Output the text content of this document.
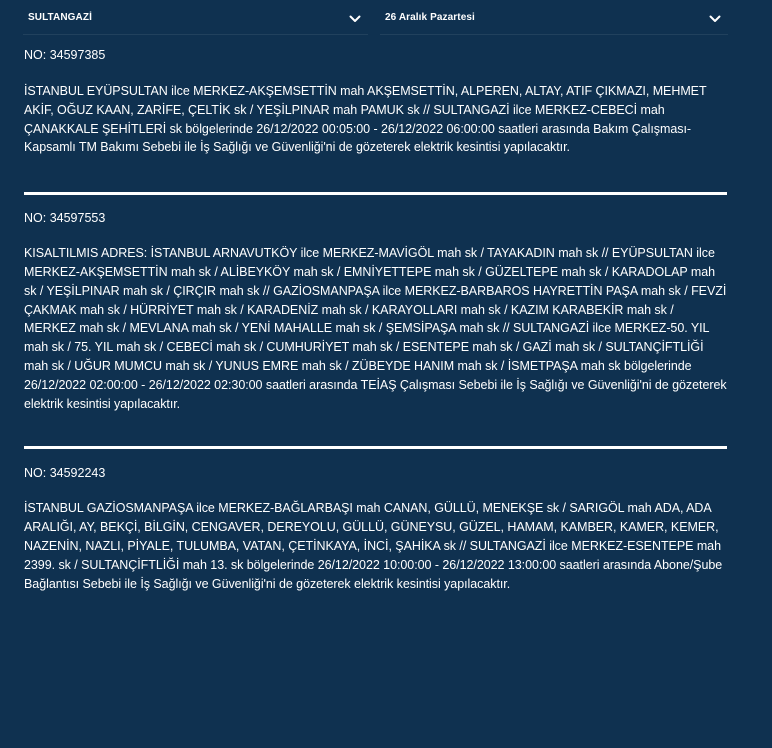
SULTANGAZİ	26 Aralık Pazartesi
NO: 34597385
İSTANBUL EYÜPSULTAN ilce MERKEZ-AKŞEMSETTİN mah AKŞEMSETTİN, ALPEREN, ALTAY, ATIF ÇIKMAZI, MEHMET AKİF, OĞUZ KAAN, ZARİFE, ÇELTİK sk / YEŞİLPINAR mah PAMUK sk // SULTANGAZİ ilce MERKEZ-CEBECİ mah ÇANAKKALE ŞEHİTLERİ sk bölgelerinde 26/12/2022 00:05:00 - 26/12/2022 06:00:00 saatleri arasında Bakım Çalışması-Kapsamlı TM Bakımı Sebebi ile İş Sağlığı ve Güvenliği'ni de gözeterek elektrik kesintisi yapılacaktır.
NO: 34597553
KISALTILMIS ADRES: İSTANBUL ARNAVUTKÖY ilce MERKEZ-MAVİGÖL mah sk / TAYAKADIN mah sk // EYÜPSULTAN ilce MERKEZ-AKŞEMSETTİN mah sk / ALİBEYKÖY mah sk / EMNİYETTEPE mah sk / GÜZELTEPE mah sk / KARADOLAP mah sk / YEŞİLPINAR mah sk / ÇIRÇIR mah sk // GAZİOSMANPAŞA ilce MERKEZ-BARBAROS HAYRETTİN PAŞA mah sk / FEVZİ ÇAKMAK mah sk / HÜRRİYET mah sk / KARADENİZ mah sk / KARAYOLLARI mah sk / KAZIM KARABEKİR mah sk / MERKEZ mah sk / MEVLANA mah sk / YENİ MAHALLE mah sk / ŞEMSİPAŞA mah sk // SULTANGAZİ ilce MERKEZ-50. YIL mah sk / 75. YIL mah sk / CEBECİ mah sk / CUMHURİYET mah sk / ESENTEPE mah sk / GAZİ mah sk / SULTANÇİFTLİĞİ mah sk / UĞUR MUMCU mah sk / YUNUS EMRE mah sk / ZÜBEYDE HANIM mah sk / İSMETPAŞA mah sk bölgelerinde 26/12/2022 02:00:00 - 26/12/2022 02:30:00 saatleri arasında TEİAŞ Çalışması Sebebi ile İş Sağlığı ve Güvenliği'ni de gözeterek elektrik kesintisi yapılacaktır.
NO: 34592243
İSTANBUL GAZİOSMANPAŞA ilce MERKEZ-BAĞLARBAŞI mah CANAN, GÜLLÜ, MENEKŞE sk / SARIGÖL mah ADA, ADA ARALIĞI, AY, BEKÇİ, BİLGİN, CENGAVER, DEREYOLU, GÜLLÜ, GÜNEYSU, GÜZEL, HAMAM, KAMBER, KAMER, KEMER, NAZENİN, NAZLI, PİYALE, TULUMBA, VATAN, ÇETİNKAYA, İNCİ, ŞAHİKA sk // SULTANGAZİ ilce MERKEZ-ESENTEPE mah 2399. sk / SULTANÇİFTLİĞİ mah 13. sk bölgelerinde 26/12/2022 10:00:00 - 26/12/2022 13:00:00 saatleri arasında Abone/Şube Bağlantısı Sebebi ile İş Sağlığı ve Güvenliği'ni de gözeterek elektrik kesintisi yapılacaktır.
